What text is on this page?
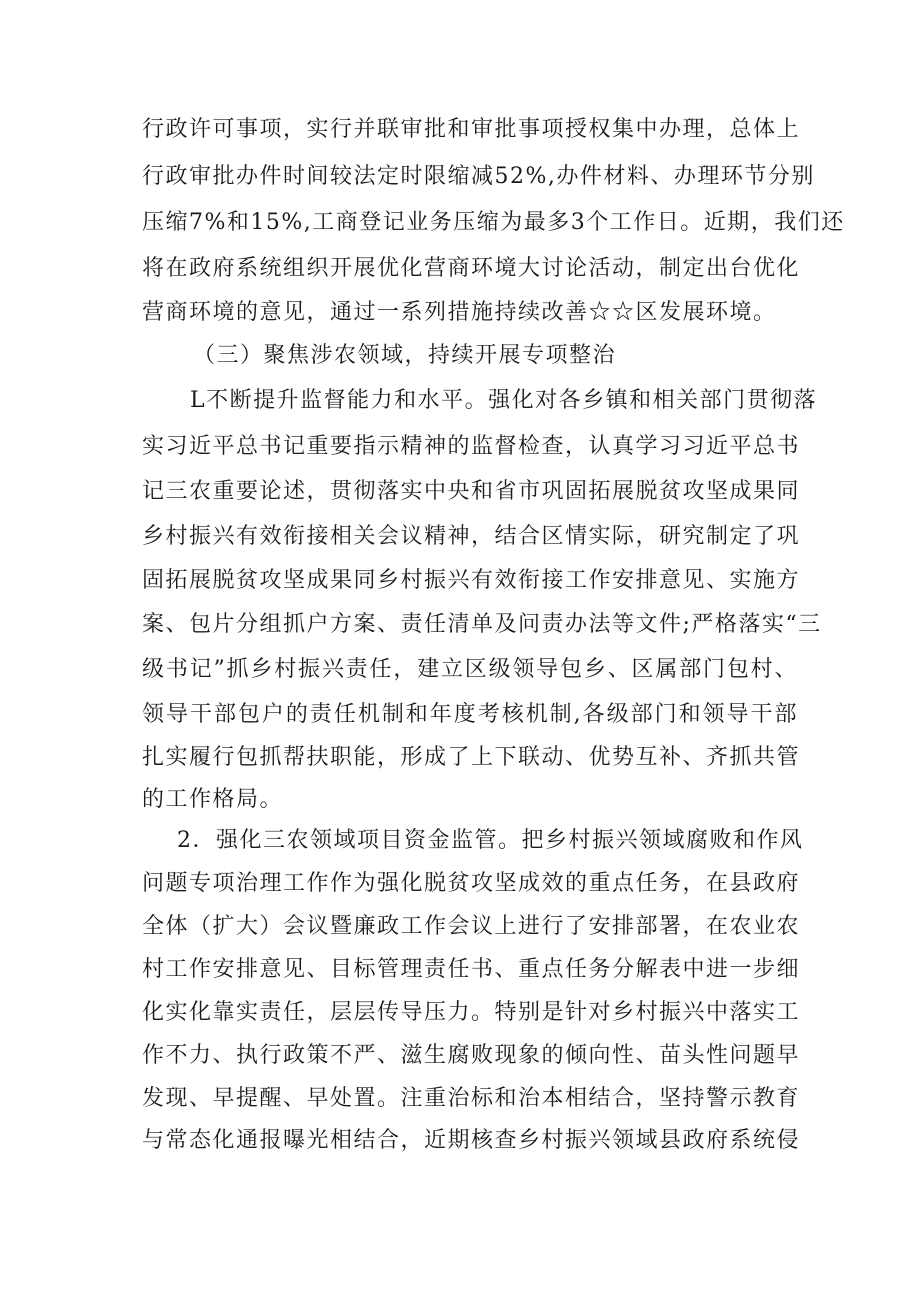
行政许可事项，实行并联审批和审批事项授权集中办理，总体上
行政审批办件时间较法定时限缩减52%,办件材料、办理环节分别
压缩7%和15%,工商登记业务压缩为最多3个工作日。近期，我们还
将在政府系统组织开展优化营商环境大讨论活动，制定出台优化
营商环境的意见，通过一系列措施持续改善☆☆区发展环境。
（三）聚焦涉农领域，持续开展专项整治
L不断提升监督能力和水平。强化对各乡镇和相关部门贯彻落
实习近平总书记重要指示精神的监督检查，认真学习习近平总书
记三农重要论述，贯彻落实中央和省市巩固拓展脱贫攻坚成果同
乡村振兴有效衔接相关会议精神，结合区情实际，研究制定了巩
固拓展脱贫攻坚成果同乡村振兴有效衔接工作安排意见、实施方
案、包片分组抓户方案、责任清单及问责办法等文件;严格落实“三
级书记”抓乡村振兴责任，建立区级领导包乡、区属部门包村、
领导干部包户的责任机制和年度考核机制,各级部门和领导干部
扎实履行包抓帮扶职能，形成了上下联动、优势互补、齐抓共管
的工作格局。
2．强化三农领域项目资金监管。把乡村振兴领域腐败和作风
问题专项治理工作作为强化脱贫攻坚成效的重点任务，在县政府
全体（扩大）会议暨廉政工作会议上进行了安排部署，在农业农
村工作安排意见、目标管理责任书、重点任务分解表中进一步细
化实化靠实责任，层层传导压力。特别是针对乡村振兴中落实工
作不力、执行政策不严、滋生腐败现象的倾向性、苗头性问题早
发现、早提醒、早处置。注重治标和治本相结合，坚持警示教育
与常态化通报曝光相结合，近期核查乡村振兴领域县政府系统侵
